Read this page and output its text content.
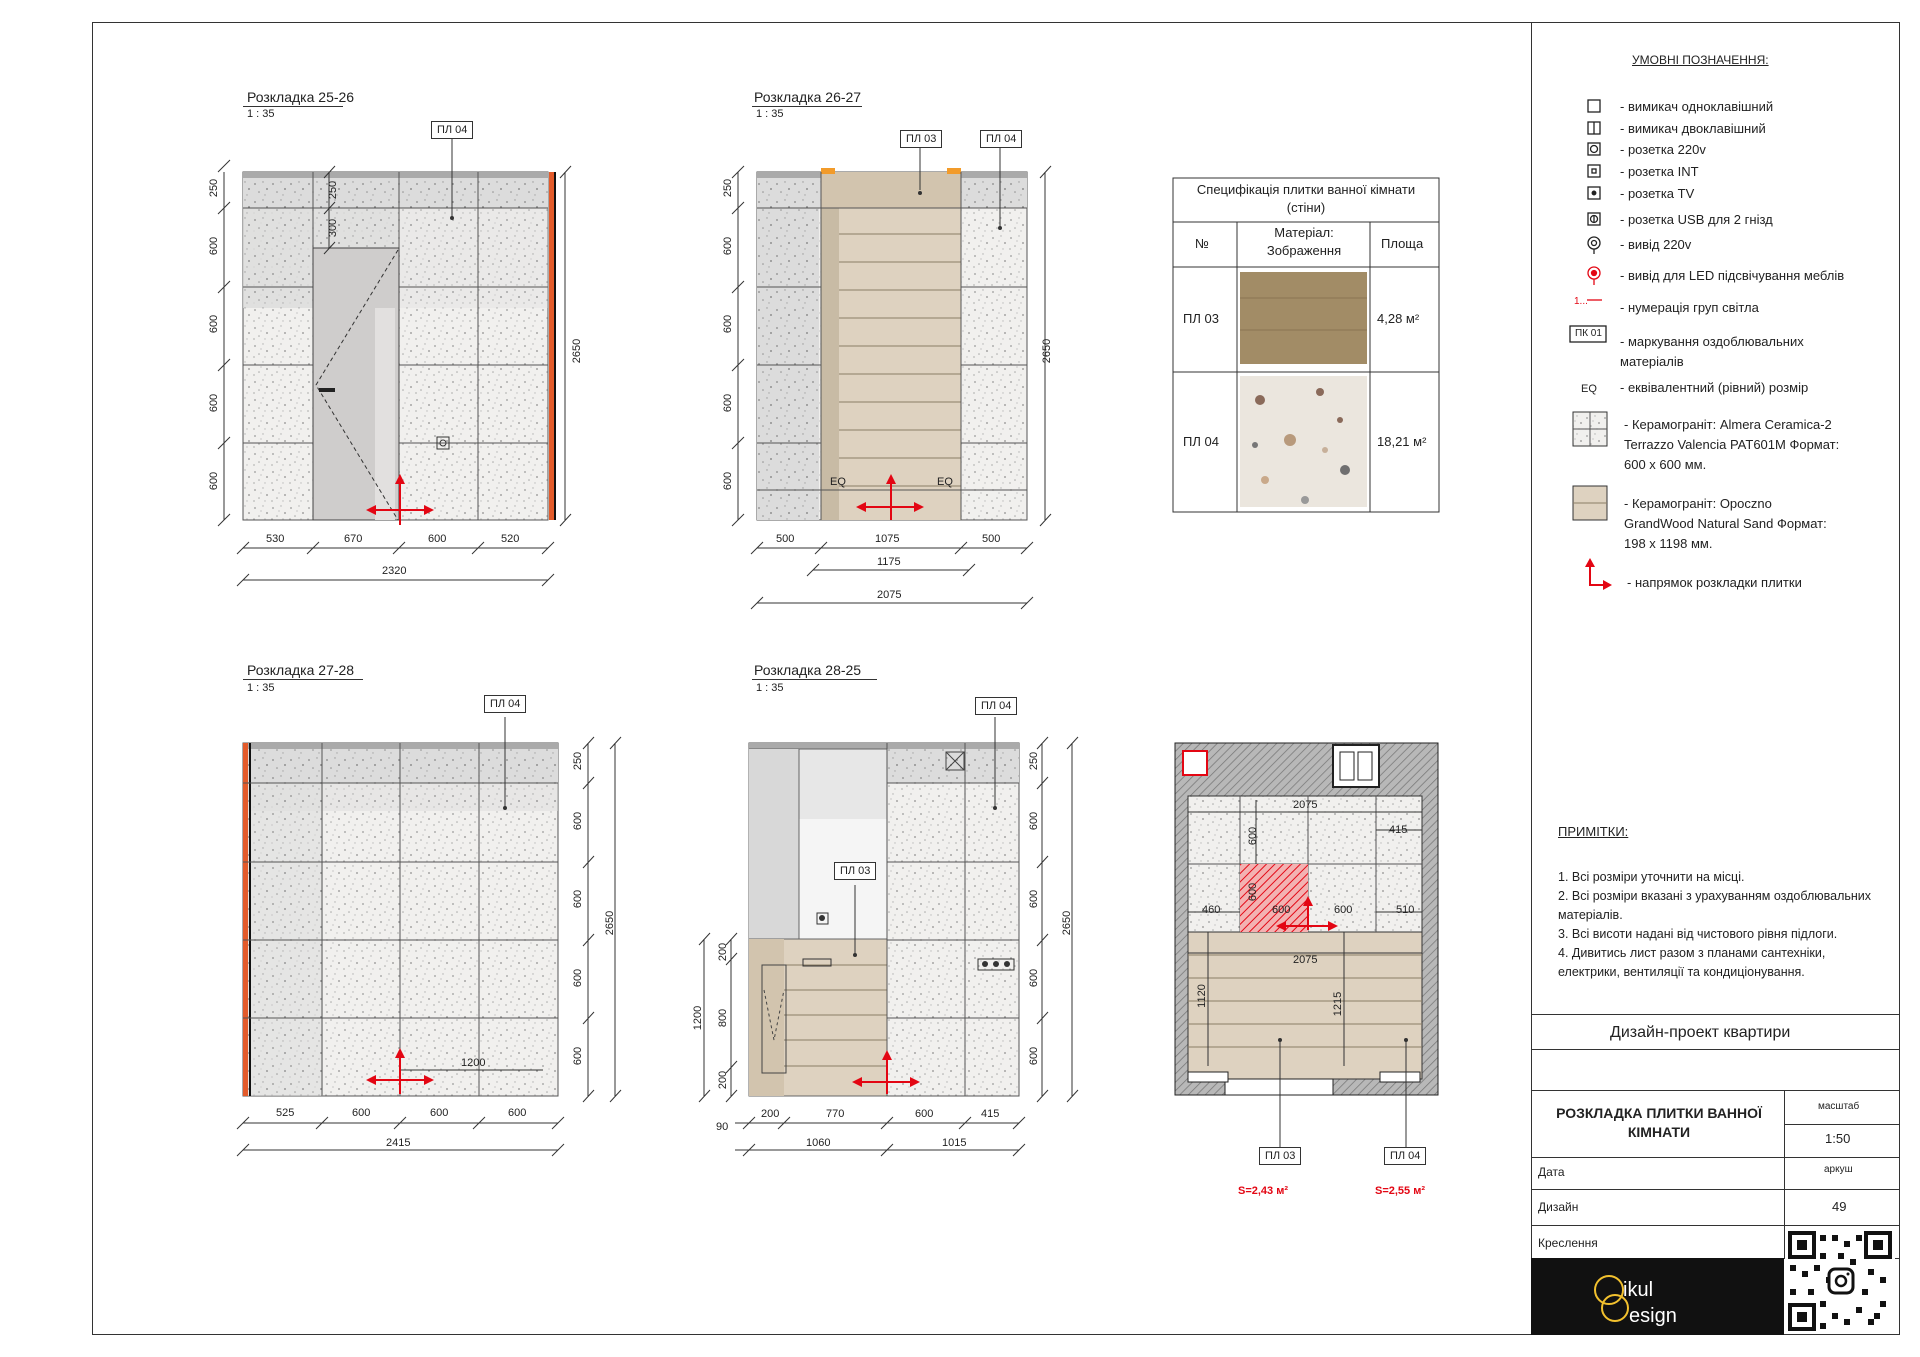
Розкладка 25-26
1 : 35
ПЛ 04
Розкладка 26-27
1 : 35
ПЛ 03	ПЛ 04
Розкладка 27-28
1 : 35
ПЛ 04
Розкладка 28-25
1 : 35
ПЛ 04
ПЛ 03
530	670	600	520
2320
250
600
600
600
600
2650
250
300
500	1075	500
1175
2075
250
600
600
600
600
2650
EQ	EQ
Специфікація плитки ванної кімнати (стіни)
№
Матеріал: Зображення	Площа
ПЛ 03	4,28 м²
ПЛ 04	18,21 м²
525	600	600	600
2415
1200
250
600
600
600
600
2650
200	770	600	415
90
1060	1015
250
600
600
600
600
2650
200
800
200
1200
2075
415
600
600
460	600	600	510
2075
1120	1215
ПЛ 03	ПЛ 04
S=2,43 м²	S=2,55 м²
УМОВНІ ПОЗНАЧЕННЯ:
1...
ПК 01
EQ
- вимикач одноклавішний
- вимикач двоклавішний
- розетка 220v
- розетка INT
- розетка TV
- розетка USB для 2 гнізд
- вивід 220v
- вивід для LED підсвічування меблів
- нумерація груп світла
- маркування оздоблювальних матеріалів
- еквівалентний (рівний) розмір
- Керамограніт: Almera Ceramica-2 Terrazzo Valencia PAT601M Формат: 600 х 600 мм.
- Керамограніт: Opoczno GrandWood Natural Sand Формат: 198 х 1198 мм.
- напрямок розкладки плитки
ПРИМІТКИ:
1. Всі розміри уточнити на місці.
2. Всі розміри вказані з урахуванням оздоблювальних матеріалів.
3. Всі висоти надані від чистового рівня підлоги.
4. Дивитись лист разом з планами сантехніки, електрики, вентиляції та кондиціонування.
Дизайн-проект квартири
РОЗКЛАДКА ПЛИТКИ ВАННОЇ КІМНАТИ
масштаб
1:50
Дата	аркуш
Дизайн	49
Креслення
ikul
esign
